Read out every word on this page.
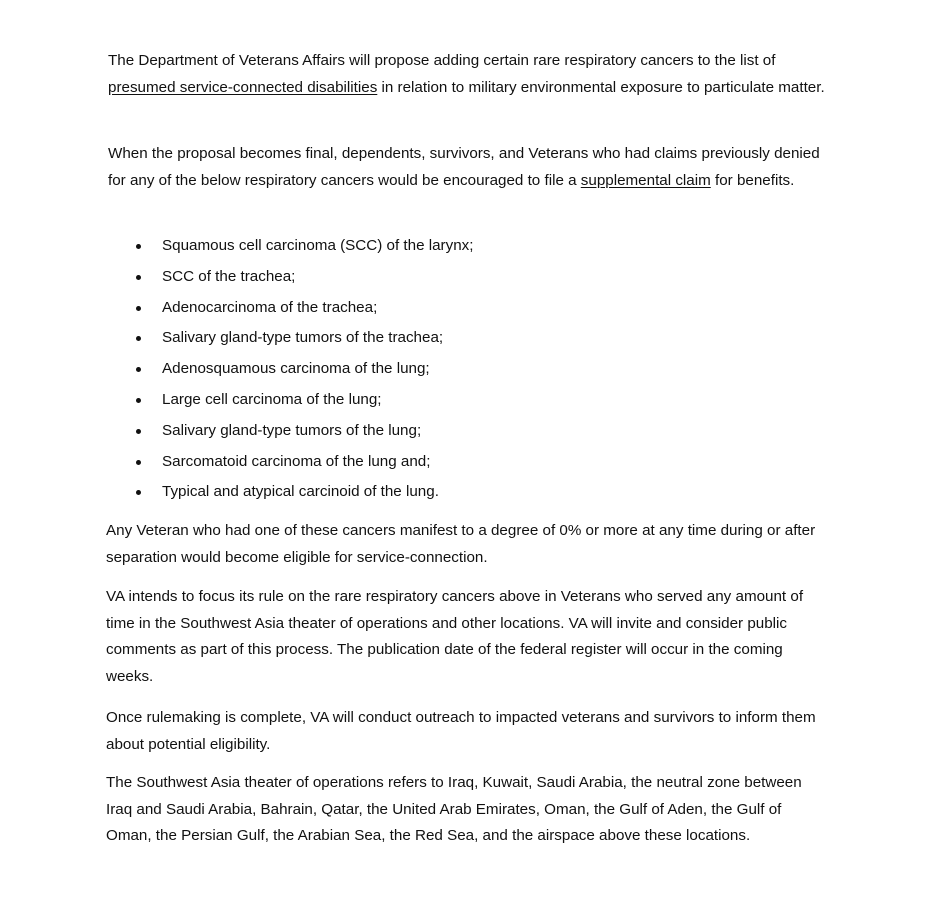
The Department of Veterans Affairs will propose adding certain rare respiratory cancers to the list of presumed service-connected disabilities in relation to military environmental exposure to particulate matter.

When the proposal becomes final, dependents, survivors, and Veterans who had claims previously denied for any of the below respiratory cancers would be encouraged to file a supplemental claim for benefits.

Squamous cell carcinoma (SCC) of the larynx;
SCC of the trachea;
Adenocarcinoma of the trachea;
Salivary gland-type tumors of the trachea;
Adenosquamous carcinoma of the lung;
Large cell carcinoma of the lung;
Salivary gland-type tumors of the lung;
Sarcomatoid carcinoma of the lung and;
Typical and atypical carcinoid of the lung.

Any Veteran who had one of these cancers manifest to a degree of 0% or more at any time during or after separation would become eligible for service-connection.

VA intends to focus its rule on the rare respiratory cancers above in Veterans who served any amount of time in the Southwest Asia theater of operations and other locations. VA will invite and consider public comments as part of this process. The publication date of the federal register will occur in the coming weeks.

Once rulemaking is complete, VA will conduct outreach to impacted veterans and survivors to inform them about potential eligibility.

The Southwest Asia theater of operations refers to Iraq, Kuwait, Saudi Arabia, the neutral zone between Iraq and Saudi Arabia, Bahrain, Qatar, the United Arab Emirates, Oman, the Gulf of Aden, the Gulf of Oman, the Persian Gulf, the Arabian Sea, the Red Sea, and the airspace above these locations.
